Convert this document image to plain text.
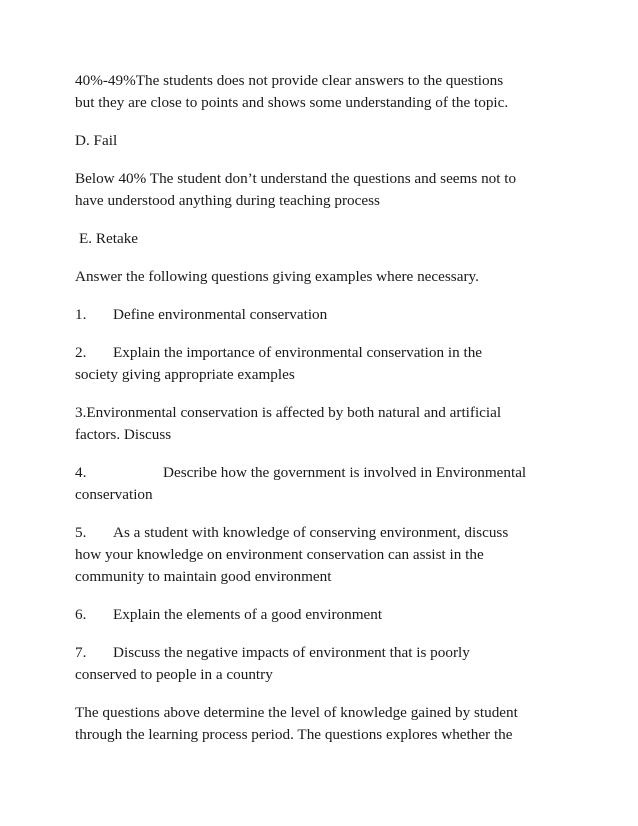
40%-49%The students does not provide clear answers to the questions
but they are close to points and shows some understanding of the topic.

D. Fail

Below 40% The student don’t understand the questions and seems not to
have understood anything during teaching process

E. Retake

Answer the following questions giving examples where necessary.

1. Define environmental conservation

2. Explain the importance of environmental conservation in the
society giving appropriate examples

3.Environmental conservation is affected by both natural and artificial
factors. Discuss

4.	Describe how the government is involved in Environmental
conservation

5. As a student with knowledge of conserving environment, discuss
how your knowledge on environment conservation can assist in the
community to maintain good environment

6. Explain the elements of a good environment

7. Discuss the negative impacts of environment that is poorly
conserved to people in a country

The questions above determine the level of knowledge gained by student
through the learning process period. The questions explores whether the
